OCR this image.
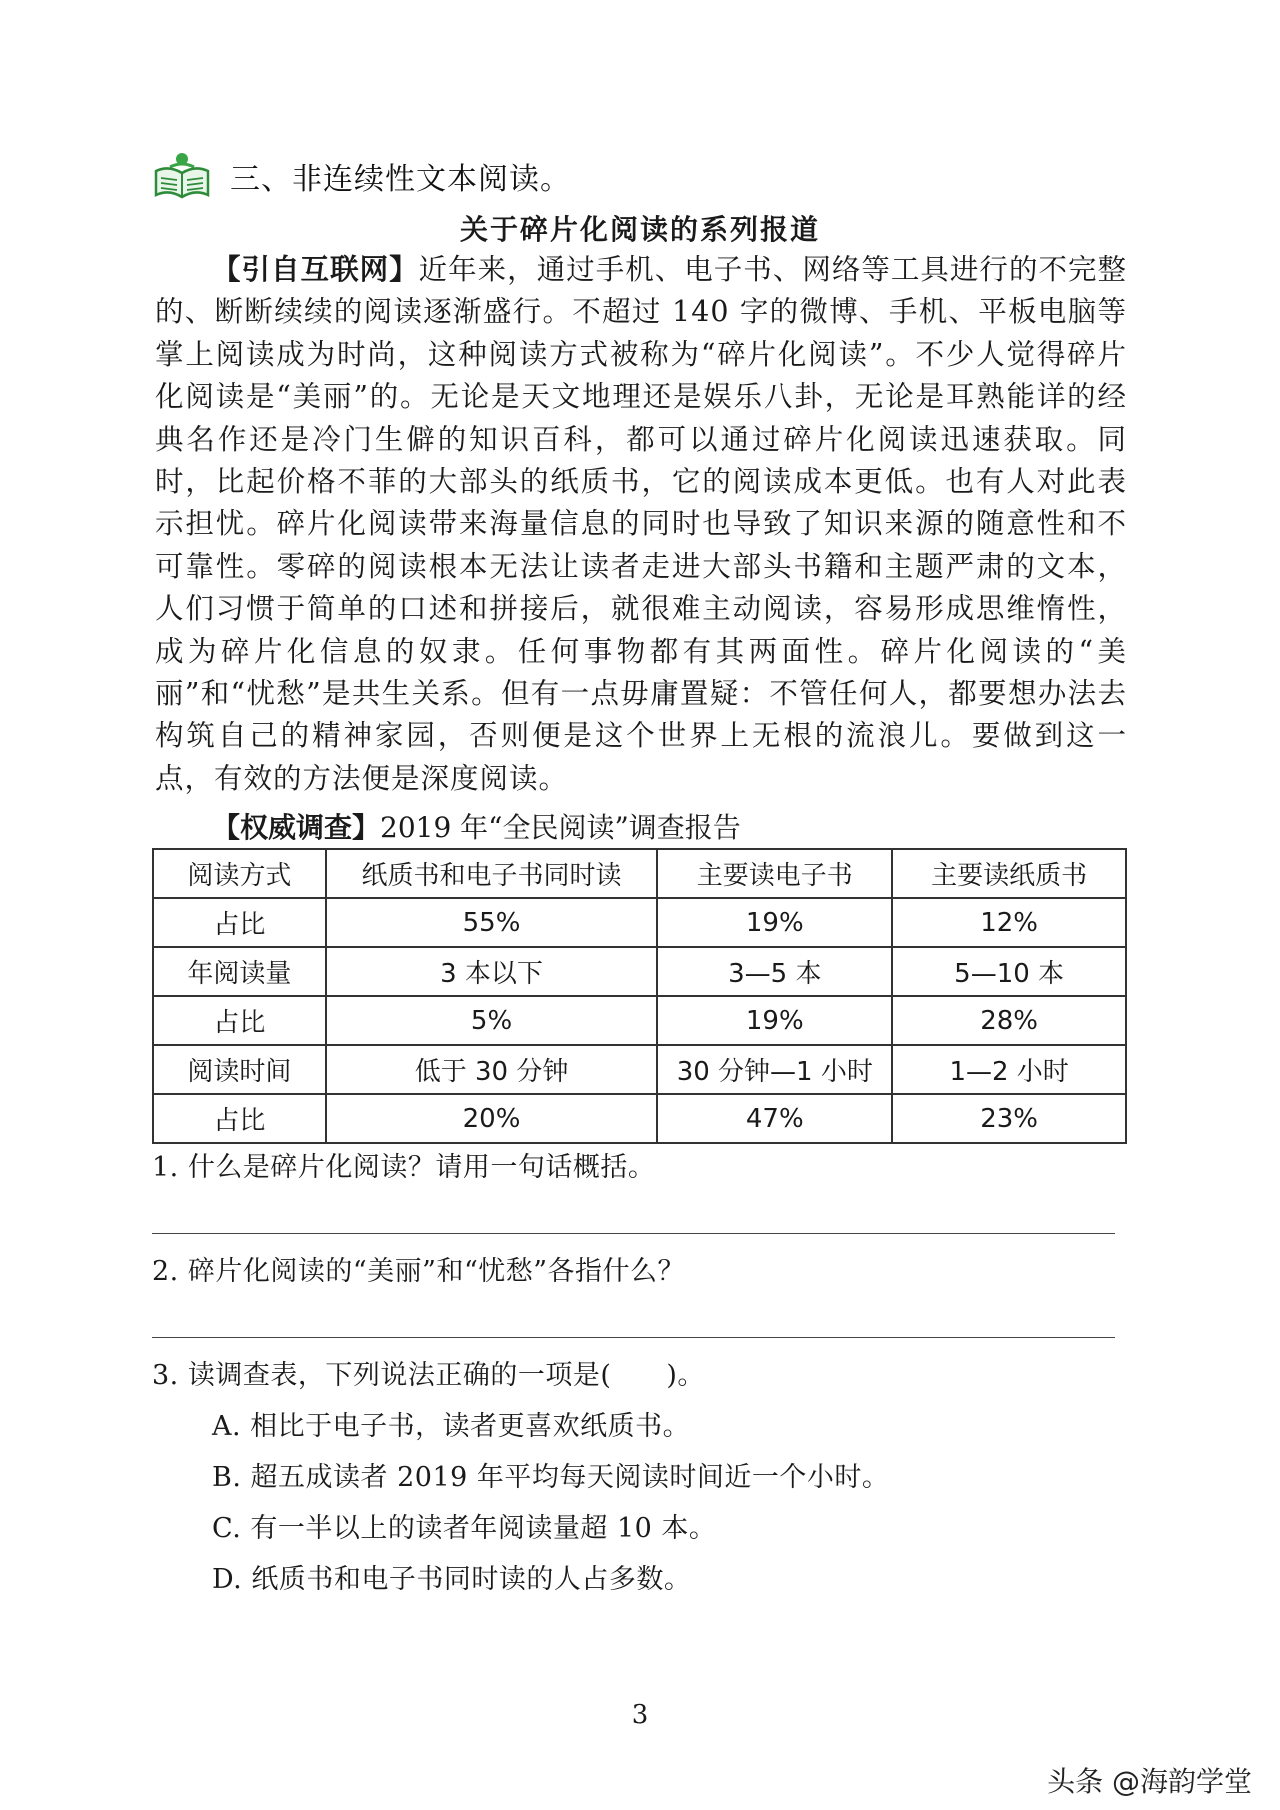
三、非连续性文本阅读。
关于碎片化阅读的系列报道

【引自互联网】近年来，通过手机、电子书、网络等工具进行的不完整的、断断续续的阅读逐渐盛行。不超过 140 字的微博、手机、平板电脑等掌上阅读成为时尚，这种阅读方式被称为“碎片化阅读”。不少人觉得碎片化阅读是“美丽”的。无论是天文地理还是娱乐八卦，无论是耳熟能详的经典名作还是冷门生僻的知识百科，都可以通过碎片化阅读迅速获取。同时，比起价格不菲的大部头的纸质书，它的阅读成本更低。也有人对此表示担忧。碎片化阅读带来海量信息的同时也导致了知识来源的随意性和不可靠性。零碎的阅读根本无法让读者走进大部头书籍和主题严肃的文本，人们习惯于简单的口述和拼接后，就很难主动阅读，容易形成思维惰性，成为碎片化信息的奴隶。任何事物都有其两面性。碎片化阅读的“美丽”和“忧愁”是共生关系。但有一点毋庸置疑：不管任何人，都要想办法去构筑自己的精神家园，否则便是这个世界上无根的流浪儿。要做到这一点，有效的方法便是深度阅读。

【权威调查】2019 年“全民阅读”调查报告
阅读方式	纸质书和电子书同时读	主要读电子书	主要读纸质书
占比	55%	19%	12%
年阅读量	3 本以下	3—5 本	5—10 本
占比	5%	19%	28%
阅读时间	低于 30 分钟	30 分钟—1 小时	1—2 小时
占比	20%	47%	23%
1. 什么是碎片化阅读？请用一句话概括。
2. 碎片化阅读的“美丽”和“忧愁”各指什么？
3. 读调查表，下列说法正确的一项是(　　)。
A. 相比于电子书，读者更喜欢纸质书。
B. 超五成读者 2019 年平均每天阅读时间近一个小时。
C. 有一半以上的读者年阅读量超 10 本。
D. 纸质书和电子书同时读的人占多数。
3
头条 @海韵学堂
